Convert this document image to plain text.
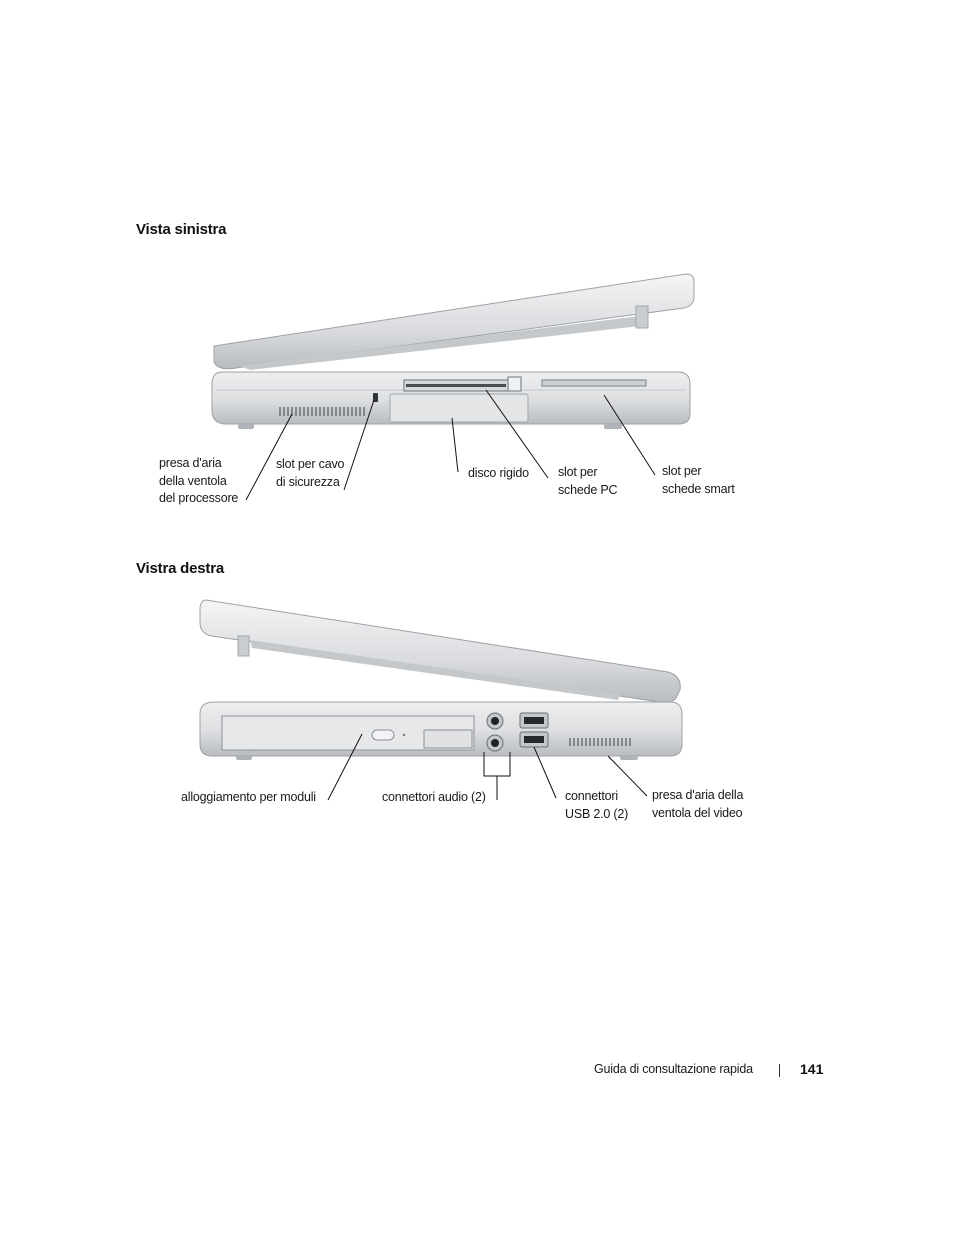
Vista sinistra
presa d'aria
della ventola
del processore
slot per cavo
di sicurezza
disco rigido slot per
schede PC
slot per
schede smart
Vistra destra
alloggiamento per moduli	connettori audio (2)	connettori
USB 2.0 (2)
presa d'aria della
ventola del video
Guida di consultazione rapida	141
